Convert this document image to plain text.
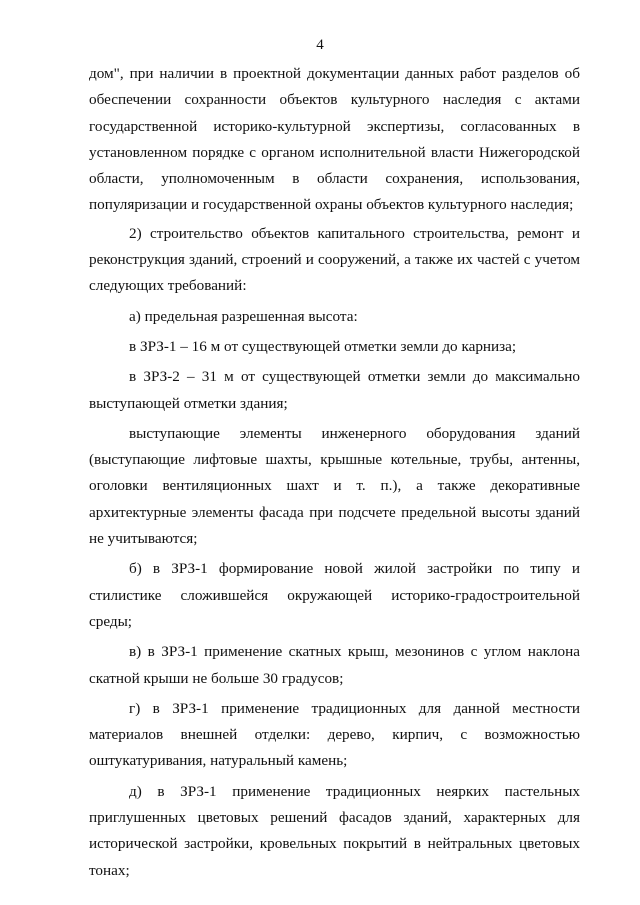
4

дом", при наличии в проектной документации данных работ разделов об обеспечении сохранности объектов культурного наследия с актами государственной историко-культурной экспертизы, согласованных в установленном порядке с органом исполнительной власти Нижегородской области, уполномоченным в области сохранения, использования, популяризации и государственной охраны объектов культурного наследия;

2) строительство объектов капитального строительства, ремонт и реконструкция зданий, строений и сооружений, а также их частей с учетом следующих требований:

а) предельная разрешенная высота:

в ЗРЗ-1 – 16 м от существующей отметки земли до карниза;

в ЗРЗ-2 – 31 м от существующей отметки земли до максимально выступающей отметки здания;

выступающие элементы инженерного оборудования зданий (выступающие лифтовые шахты, крышные котельные, трубы, антенны, оголовки вентиляционных шахт и т. п.), а также декоративные архитектурные элементы фасада при подсчете предельной высоты зданий не учитываются;

б) в ЗРЗ-1 формирование новой жилой застройки по типу и стилистике сложившейся окружающей историко-градостроительной среды;

в) в ЗРЗ-1 применение скатных крыш, мезонинов с углом наклона скатной крыши не больше 30 градусов;

г) в ЗРЗ-1 применение традиционных для данной местности материалов внешней отделки: дерево, кирпич, с возможностью оштукатуривания, натуральный камень;

д) в ЗРЗ-1 применение традиционных неярких пастельных приглушенных цветовых решений фасадов зданий, характерных для исторической застройки, кровельных покрытий в нейтральных цветовых тонах;
